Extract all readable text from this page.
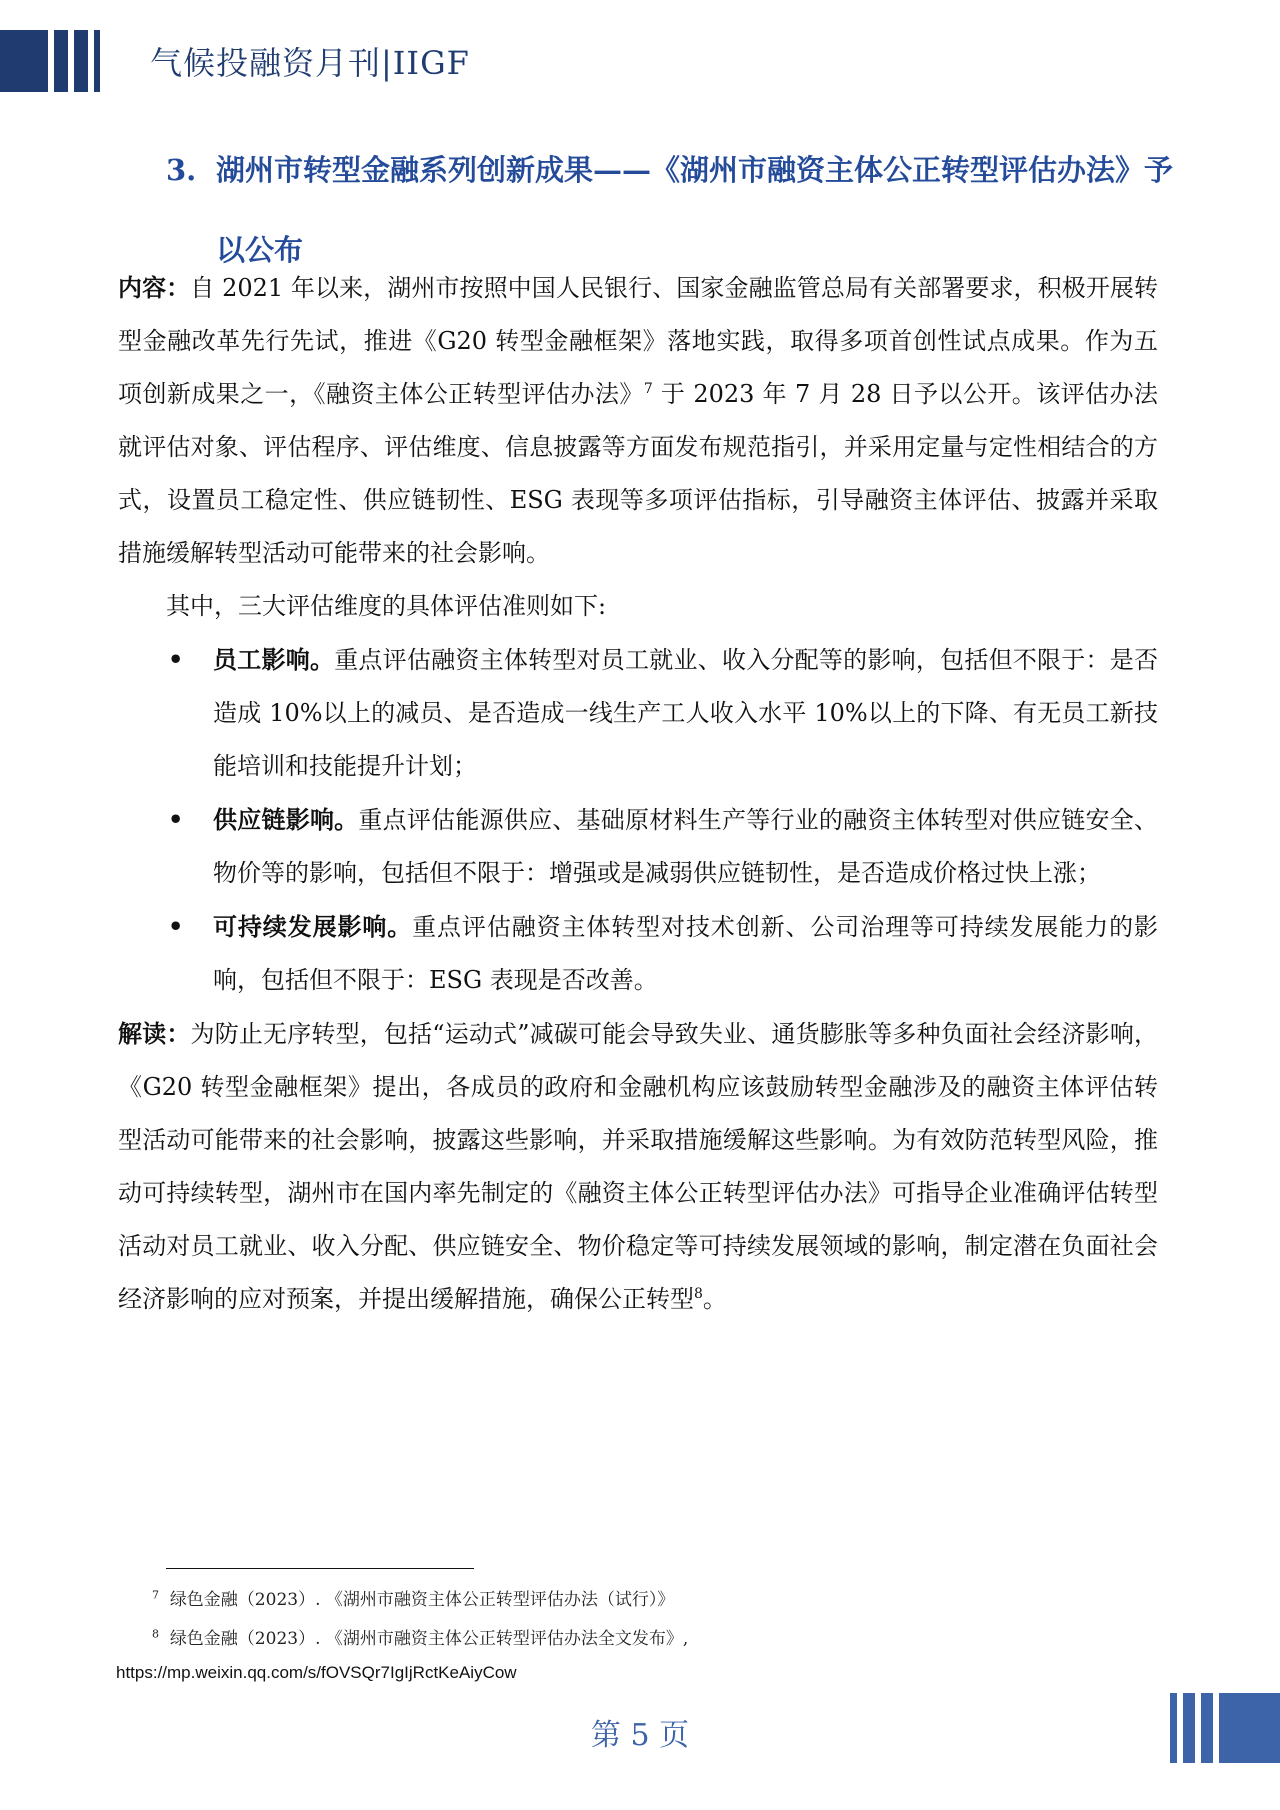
气候投融资月刊|IIGF
3. 湖州市转型金融系列创新成果——《湖州市融资主体公正转型评估办法》予以公布

内容：自 2021 年以来，湖州市按照中国人民银行、国家金融监管总局有关部署要求，积极开展转型金融改革先行先试，推进《G20 转型金融框架》落地实践，取得多项首创性试点成果。作为五项创新成果之一，《融资主体公正转型评估办法》$^7$ 于 2023 年 7 月 28 日予以公开。该评估办法就评估对象、评估程序、评估维度、信息披露等方面发布规范指引，并采用定量与定性相结合的方式，设置员工稳定性、供应链韧性、ESG 表现等多项评估指标，引导融资主体评估、披露并采取措施缓解转型活动可能带来的社会影响。

其中，三大评估维度的具体评估准则如下:

• 员工影响。重点评估融资主体转型对员工就业、收入分配等的影响，包括但不限于：是否造成 10%以上的减员、是否造成一线生产工人收入水平 10%以上的下降、有无员工新技能培训和技能提升计划；
• 供应链影响。重点评估能源供应、基础原材料生产等行业的融资主体转型对供应链安全、物价等的影响，包括但不限于：增强或是减弱供应链韧性，是否造成价格过快上涨；
• 可持续发展影响。重点评估融资主体转型对技术创新、公司治理等可持续发展能力的影响，包括但不限于：ESG 表现是否改善。

解读：为防止无序转型，包括“运动式”减碳可能会导致失业、通货膨胀等多种负面社会经济影响，《G20 转型金融框架》提出，各成员的政府和金融机构应该鼓励转型金融涉及的融资主体评估转型活动可能带来的社会影响，披露这些影响，并采取措施缓解这些影响。为有效防范转型风险，推动可持续转型，湖州市在国内率先制定的《融资主体公正转型评估办法》可指导企业准确评估转型活动对员工就业、收入分配、供应链安全、物价稳定等可持续发展领域的影响，制定潜在负面社会经济影响的应对预案，并提出缓解措施，确保公正转型$^8$。

$^7$ 绿色金融（2023）. 《湖州市融资主体公正转型评估办法（试行）》
$^8$ 绿色金融（2023）. 《湖州市融资主体公正转型评估办法全文发布》,
https://mp.weixin.qq.com/s/fOVSQr7IgIjRctKeAiyCow
第 5 页
